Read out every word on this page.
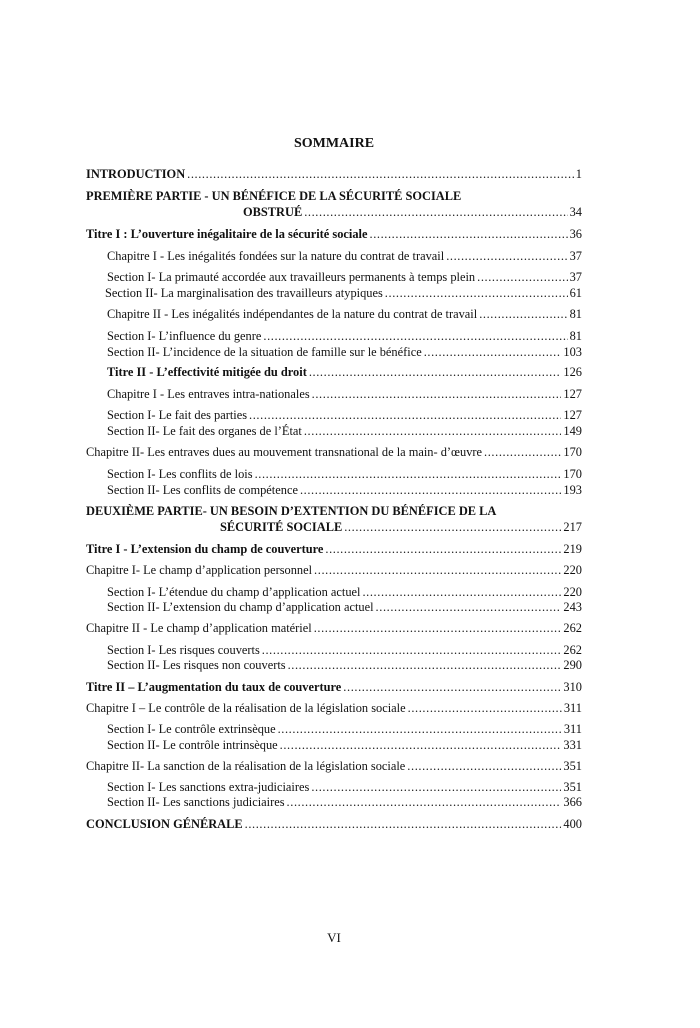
SOMMAIRE
INTRODUCTION .....	1
PREMIÈRE PARTIE - UN BÉNÉFICE DE LA SÉCURITÉ SOCIALE
OBSTRUÉ .....	34
Titre I : L’ouverture inégalitaire de la sécurité sociale .....	36
Chapitre I - Les inégalités fondées sur la nature du contrat de travail .....	37
Section I- La primauté accordée aux travailleurs permanents à temps plein .....	37
Section II- La marginalisation des travailleurs atypiques .....	61
Chapitre II - Les inégalités indépendantes de la nature du contrat de travail .....	81
Section I- L’influence du genre .....	81
Section II- L’incidence de la situation de famille sur le bénéfice .....	103
Titre II - L’effectivité mitigée du droit .....	126
Chapitre I - Les entraves intra-nationales .....	127
Section I- Le fait des parties .....	127
Section II- Le fait des organes de l’État .....	149
Chapitre II- Les entraves dues au mouvement transnational de la main- d’œuvre .....	170
Section I- Les conflits de lois .....	170
Section II- Les conflits de compétence .....	193
DEUXIÈME PARTIE- UN BESOIN D’EXTENTION DU BÉNÉFICE DE LA
SÉCURITÉ SOCIALE .....	217
Titre I - L’extension du champ de couverture .....	219
Chapitre I- Le champ d’application personnel .....	220
Section I- L’étendue du champ d’application actuel .....	220
Section II- L’extension du champ d’application actuel .....	243
Chapitre II - Le champ d’application matériel .....	262
Section I- Les risques couverts .....	262
Section II- Les risques non couverts .....	290
Titre II – L’augmentation du taux de couverture .....	310
Chapitre I – Le contrôle de la réalisation de la législation sociale .....	311
Section I- Le contrôle extrinsèque .....	311
Section II- Le contrôle intrinsèque .....	331
Chapitre II- La sanction de la réalisation de la législation sociale .....	351
Section I- Les sanctions extra-judiciaires .....	351
Section II- Les sanctions judiciaires .....	366
CONCLUSION GÉNÉRALE .....	400
VI
